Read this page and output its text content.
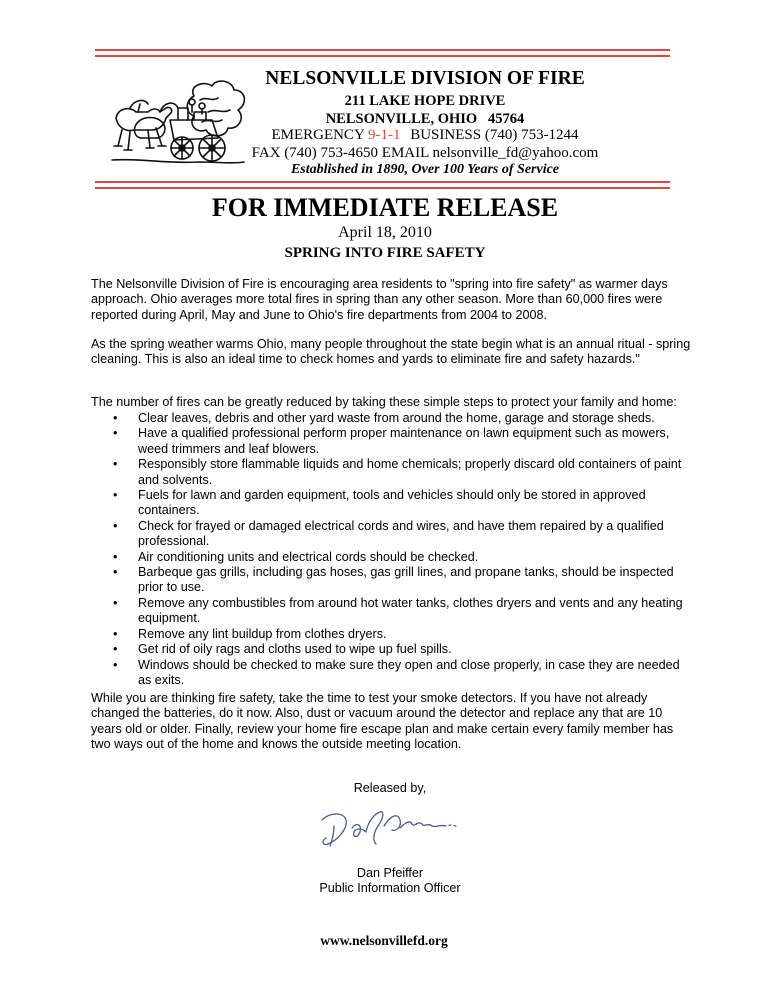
NELSONVILLE DIVISION OF FIRE
211 LAKE HOPE DRIVE
NELSONVILLE, OHIO   45764
EMERGENCY 9-1-1 BUSINESS (740) 753-1244
FAX (740) 753-4650 EMAIL nelsonville_fd@yahoo.com
Established in 1890, Over 100 Years of Service
FOR IMMEDIATE RELEASE
April 18, 2010
SPRING INTO FIRE SAFETY

The Nelsonville Division of Fire is encouraging area residents to "spring into fire safety" as warmer days approach. Ohio averages more total fires in spring than any other season. More than 60,000 fires were reported during April, May and June to Ohio's fire departments from 2004 to 2008.

As the spring weather warms Ohio, many people throughout the state begin what is an annual ritual - spring cleaning. This is also an ideal time to check homes and yards to eliminate fire and safety hazards."

The number of fires can be greatly reduced by taking these simple steps to protect your family and home:

• Clear leaves, debris and other yard waste from around the home, garage and storage sheds.
• Have a qualified professional perform proper maintenance on lawn equipment such as mowers, weed trimmers and leaf blowers.
• Responsibly store flammable liquids and home chemicals; properly discard old containers of paint and solvents.
• Fuels for lawn and garden equipment, tools and vehicles should only be stored in approved containers.
• Check for frayed or damaged electrical cords and wires, and have them repaired by a qualified professional.
• Air conditioning units and electrical cords should be checked.
• Barbeque gas grills, including gas hoses, gas grill lines, and propane tanks, should be inspected prior to use.
• Remove any combustibles from around hot water tanks, clothes dryers and vents and any heating equipment.
• Remove any lint buildup from clothes dryers.
• Get rid of oily rags and cloths used to wipe up fuel spills.
• Windows should be checked to make sure they open and close properly, in case they are needed as exits.

While you are thinking fire safety, take the time to test your smoke detectors. If you have not already changed the batteries, do it now. Also, dust or vacuum around the detector and replace any that are 10 years old or older. Finally, review your home fire escape plan and make certain every family member has two ways out of the home and knows the outside meeting location.

Released by,
Dan Pfeiffer
Public Information Officer
www.nelsonvillefd.org
